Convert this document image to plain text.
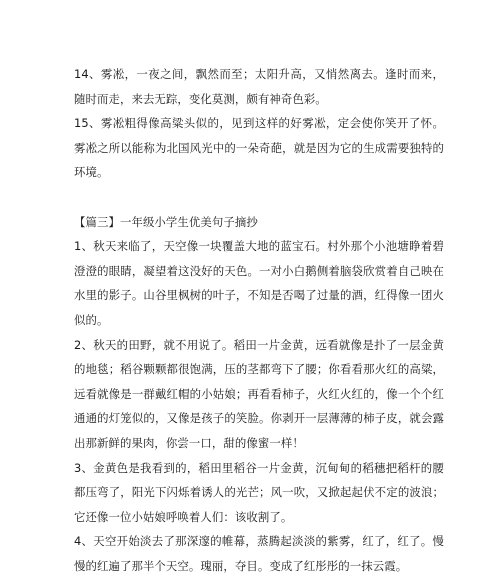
14、雾凇，一夜之间，飘然而至；太阳升高，又悄然离去。逢时而来，随时而走，来去无踪，变化莫测，颇有神奇色彩。

15、雾凇粗得像高粱头似的，见到这样的好雾凇，定会使你笑开了怀。雾凇之所以能称为北国风光中的一朵奇葩，就是因为它的生成需要独特的环境。

【篇三】一年级小学生优美句子摘抄

1、秋天来临了，天空像一块覆盖大地的蓝宝石。村外那个小池塘睁着碧澄澄的眼睛，凝望着这没好的天色。一对小白鹅侧着脑袋欣赏着自己映在水里的影子。山谷里枫树的叶子，不知是否喝了过量的酒，红得像一团火似的。

2、秋天的田野，就不用说了。稻田一片金黄，远看就像是扑了一层金黄的地毯；稻谷颗颗都很饱满，压的茎都弯下了腰；你看看那火红的高粱，远看就像是一群戴红帽的小姑娘；再看看柿子，火红火红的，像一个个红通通的灯笼似的，又像是孩子的笑脸。你剥开一层薄薄的柿子皮，就会露出那新鲜的果肉，你尝一口，甜的像蜜一样！

3、金黄色是我看到的，稻田里稻谷一片金黄，沉甸甸的稻穗把稻杆的腰都压弯了，阳光下闪烁着诱人的光芒；风一吹，又掀起起伏不定的波浪；它还像一位小姑娘呼唤着人们：该收割了。

4、天空开始淡去了那深邃的帷幕，蒸腾起淡淡的紫雾，红了，红了。慢慢的红遍了那半个天空。瑰丽，夺目。变成了红彤彤的一抹云霞。
